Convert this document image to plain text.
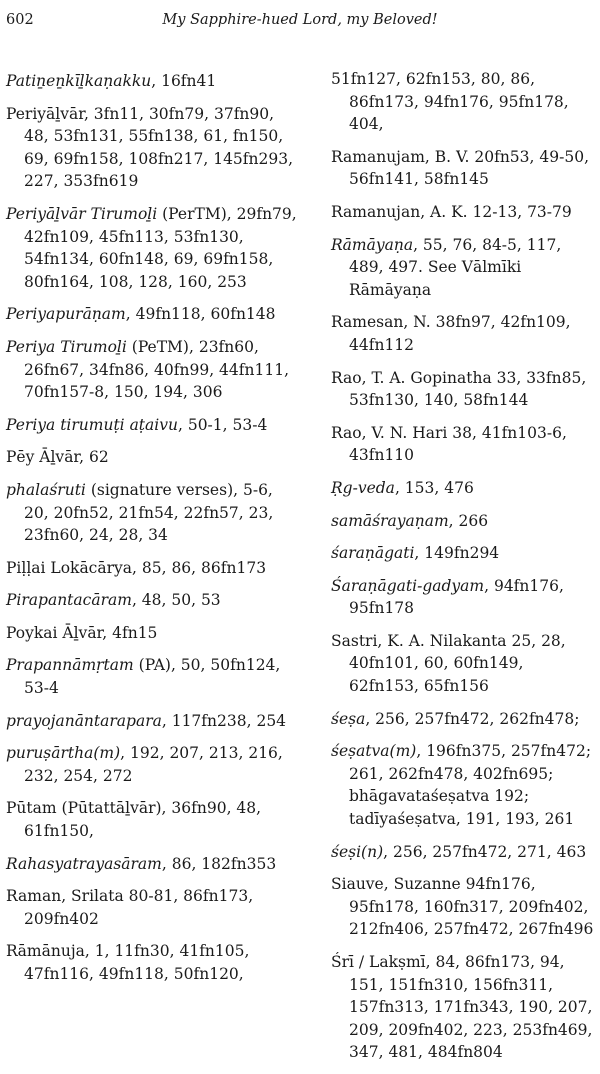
602	My Sapphire-hued Lord, my Beloved!
Patiṉeṉkīḻkaṇakku, 16fn41
Periyāḻvār, 3fn11, 30fn79, 37fn90, 48, 53fn131, 55fn138, 61, fn150, 69, 69fn158, 108fn217, 145fn293, 227, 353fn619
Periyāḻvār Tirumoḻi (PerTM), 29fn79, 42fn109, 45fn113, 53fn130, 54fn134, 60fn148, 69, 69fn158, 80fn164, 108, 128, 160, 253
Periyapurāṇam, 49fn118, 60fn148
Periya Tirumoḻi (PeTM), 23fn60, 26fn67, 34fn86, 40fn99, 44fn111, 70fn157-8, 150, 194, 306
Periya tirumuṭi aṭaivu, 50-1, 53-4
Pēy Āḻvār, 62
phalaśruti (signature verses), 5-6, 20, 20fn52, 21fn54, 22fn57, 23, 23fn60, 24, 28, 34
Piḷḷai Lokācārya, 85, 86, 86fn173
Pirapantacāram, 48, 50, 53
Poykai Āḻvār, 4fn15
Prapannāmṛtam (PA), 50, 50fn124, 53-4
prayojanāntarapara, 117fn238, 254
puruṣārtha(m), 192, 207, 213, 216, 232, 254, 272
Pūtam (Pūtattāḻvār), 36fn90, 48, 61fn150,
Rahasyatrayasāram, 86, 182fn353
Raman, Srilata 80-81, 86fn173, 209fn402
Rāmānuja, 1, 11fn30, 41fn105, 47fn116, 49fn118, 50fn120,
51fn127, 62fn153, 80, 86, 86fn173, 94fn176, 95fn178, 404,
Ramanujam, B. V. 20fn53, 49-50, 56fn141, 58fn145
Ramanujan, A. K. 12-13, 73-79
Rāmāyaṇa, 55, 76, 84-5, 117, 489, 497. See Vālmīki Rāmāyaṇa
Ramesan, N. 38fn97, 42fn109, 44fn112
Rao, T. A. Gopinatha 33, 33fn85, 53fn130, 140, 58fn144
Rao, V. N. Hari 38, 41fn103-6, 43fn110
Ṛg-veda, 153, 476
samāśrayaṇam, 266
śaraṇāgati, 149fn294
Śaraṇāgati-gadyam, 94fn176, 95fn178
Sastri, K. A. Nilakanta 25, 28, 40fn101, 60, 60fn149, 62fn153, 65fn156
śeṣa, 256, 257fn472, 262fn478;
śeṣatva(m), 196fn375, 257fn472; 261, 262fn478, 402fn695; bhāgavataśeṣatva 192; tadīyaśeṣatva, 191, 193, 261
śeṣi(n), 256, 257fn472, 271, 463
Siauve, Suzanne 94fn176, 95fn178, 160fn317, 209fn402, 212fn406, 257fn472, 267fn496
Śrī / Lakṣmī, 84, 86fn173, 94, 151, 151fn310, 156fn311, 157fn313, 171fn343, 190, 207, 209, 209fn402, 223, 253fn469, 347, 481, 484fn804
